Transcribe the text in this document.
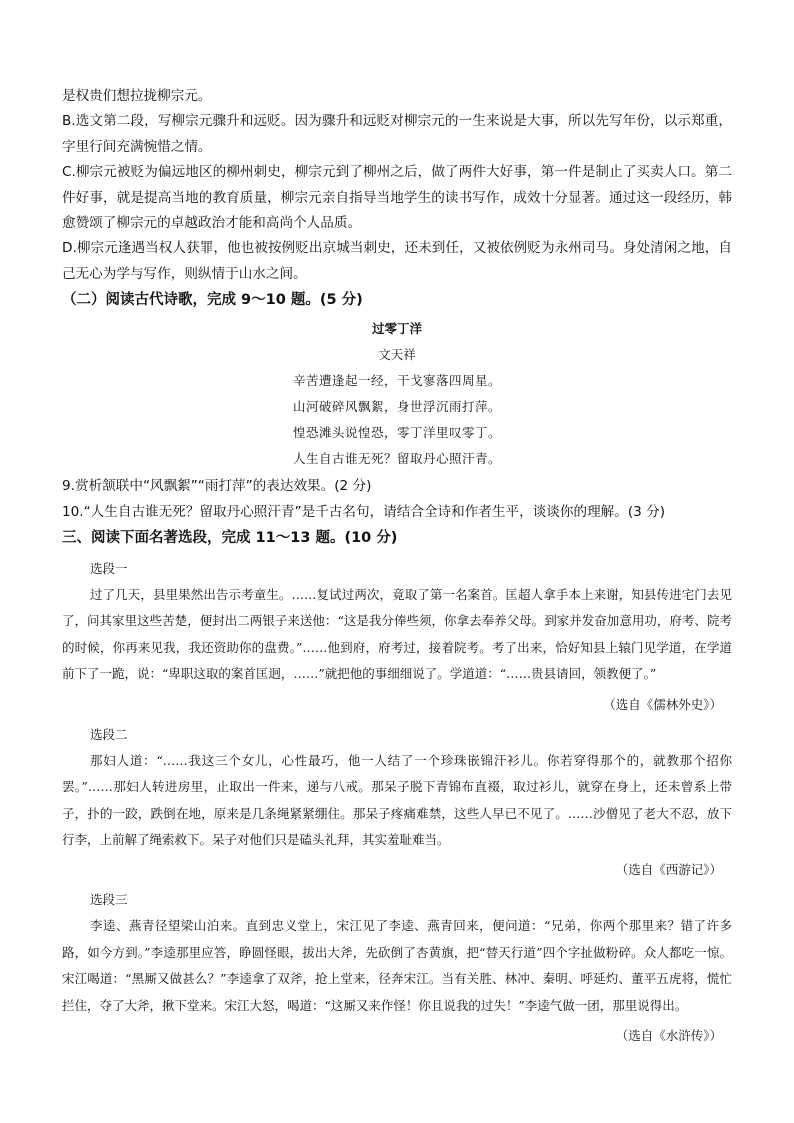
是权贵们想拉拢柳宗元。

B.选文第二段，写柳宗元骤升和远贬。因为骤升和远贬对柳宗元的一生来说是大事，所以先写年份，以示郑重，字里行间充满惋惜之情。

C.柳宗元被贬为偏远地区的柳州刺史，柳宗元到了柳州之后，做了两件大好事，第一件是制止了买卖人口。第二件好事，就是提高当地的教育质量，柳宗元亲自指导当地学生的读书写作，成效十分显著。通过这一段经历，韩愈赞颂了柳宗元的卓越政治才能和高尚个人品质。

D.柳宗元逢遇当权人获罪，他也被按例贬出京城当刺史，还未到任，又被依例贬为永州司马。身处清闲之地，自己无心为学与写作，则纵情于山水之间。

（二）阅读古代诗歌，完成 9～10 题。(5 分)

过零丁洋

文天祥

辛苦遭逢起一经，干戈寥落四周星。

山河破碎风飘絮，身世浮沉雨打萍。

惶恐滩头说惶恐，零丁洋里叹零丁。

人生自古谁无死？留取丹心照汗青。

9.赏析颔联中“风飘絮”“雨打萍”的表达效果。(2 分)

10.“人生自古谁无死？留取丹心照汗青”是千古名句，请结合全诗和作者生平，谈谈你的理解。(3 分)

三、阅读下面名著选段，完成 11～13 题。(10 分)

选段一

过了几天，县里果然出告示考童生。……复试过两次，竟取了第一名案首。匡超人拿手本上来谢，知县传进宅门去见了，问其家里这些苦楚，便封出二两银子来送他：“这是我分俸些须，你拿去奉养父母。到家并发奋加意用功，府考、院考的时候，你再来见我，我还资助你的盘费。”……他到府，府考过，接着院考。考了出来，恰好知县上辕门见学道，在学道前下了一跪，说：“卑职这取的案首匡迥，……”就把他的事细细说了。学道道：“……贵县请回，领教便了。”

（选自《儒林外史》）

选段二

那妇人道：“……我这三个女儿，心性最巧，他一人结了一个珍珠嵌锦汗衫儿。你若穿得那个的，就教那个招你罢。”……那妇人转进房里，止取出一件来，递与八戒。那呆子脱下青锦布直裰，取过衫儿，就穿在身上，还未曾系上带子，扑的一跤，跌倒在地，原来是几条绳紧紧绷住。那呆子疼痛难禁，这些人早已不见了。……沙僧见了老大不忍，放下行李，上前解了绳索救下。呆子对他们只是磕头礼拜，其实羞耻难当。

（选自《西游记》）

选段三

李逵、燕青径望梁山泊来。直到忠义堂上，宋江见了李逵、燕青回来，便问道：“兄弟，你两个那里来？错了许多路，如今方到。”李逵那里应答，睁圆怪眼，拔出大斧，先砍倒了杏黄旗，把“替天行道”四个字扯做粉碎。众人都吃一惊。宋江喝道：“黑厮又做甚么？”李逵拿了双斧，抢上堂来，径奔宋江。当有关胜、林冲、秦明、呼延灼、董平五虎将，慌忙拦住，夺了大斧，揪下堂来。宋江大怒，喝道：“这厮又来作怪！你且说我的过失！”李逵气做一团，那里说得出。

（选自《水浒传》）
